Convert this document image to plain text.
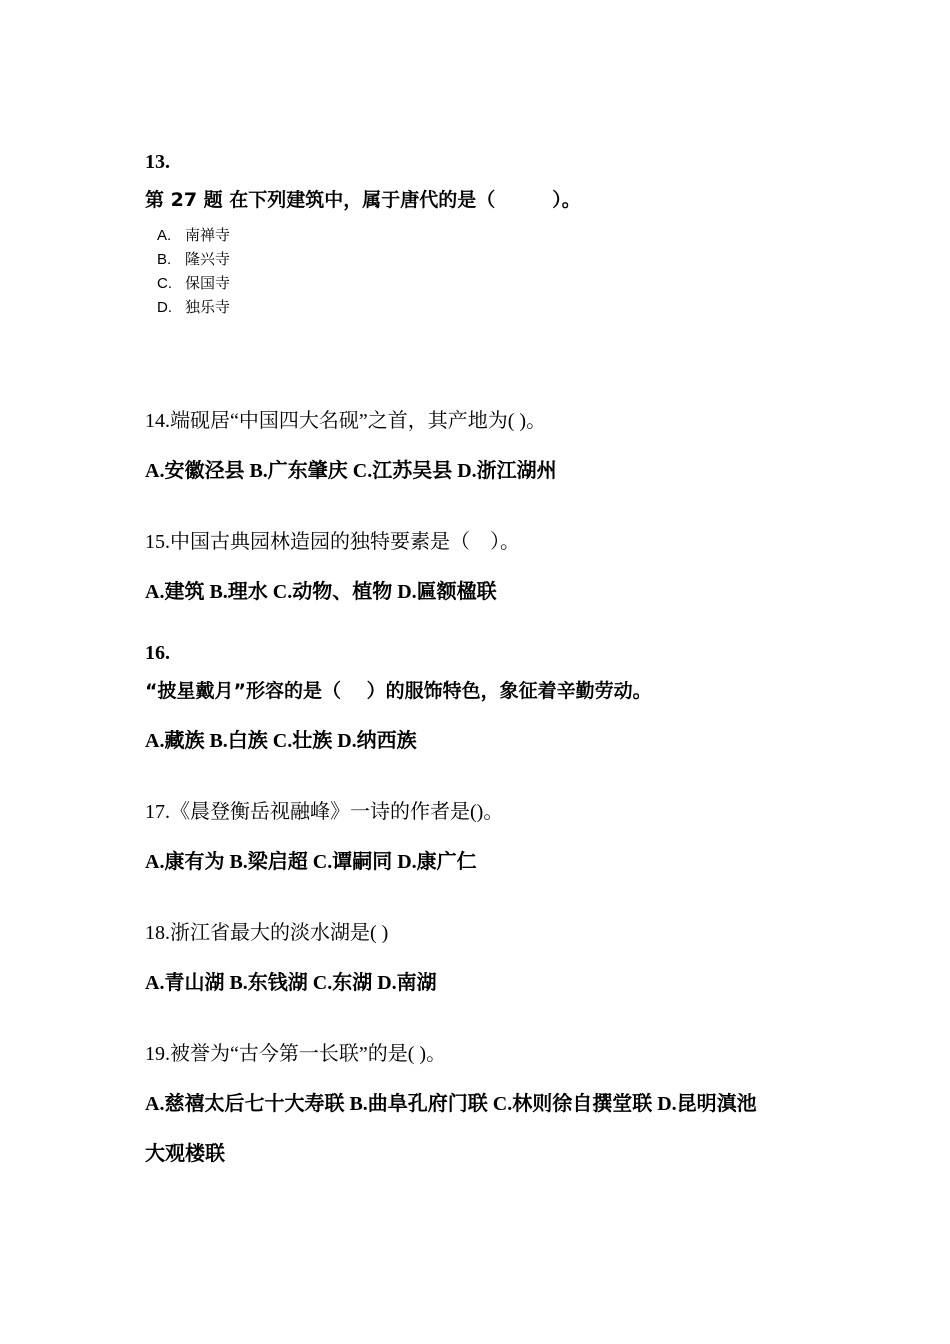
13.
第 27 题 在下列建筑中，属于唐代的是（　　　）。
A. 南禅寺
B. 隆兴寺
C. 保国寺
D. 独乐寺
14.端砚居“中国四大名砚”之首，其产地为( )。
A.安徽泾县 B.广东肇庆 C.江苏吴县 D.浙江湖州
15.中国古典园林造园的独特要素是（　）。
A.建筑 B.理水 C.动物、植物 D.匾额楹联
16.
“披星戴月”形容的是（　 ）的服饰特色，象征着辛勤劳动。
A.藏族 B.白族 C.壮族 D.纳西族
17.《晨登衡岳视融峰》一诗的作者是()。
A.康有为 B.梁启超 C.谭嗣同 D.康广仁
18.浙江省最大的淡水湖是( )
A.青山湖 B.东钱湖 C.东湖 D.南湖
19.被誉为“古今第一长联”的是( )。
A.慈禧太后七十大寿联 B.曲阜孔府门联 C.林则徐自撰堂联 D.昆明滇池
大观楼联
